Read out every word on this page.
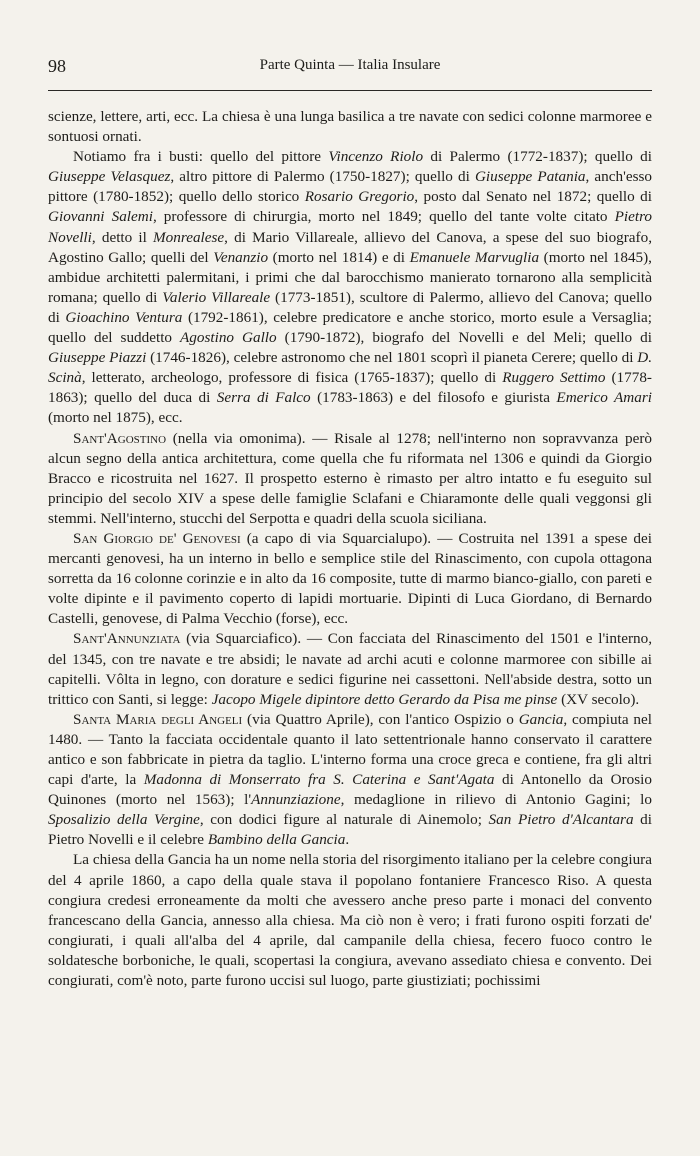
98	Parte Quinta — Italia Insulare

scienze, lettere, arti, ecc. La chiesa è una lunga basilica a tre navate con sedici colonne marmoree e sontuosi ornati.

Notiamo fra i busti: quello del pittore Vincenzo Riolo di Palermo (1772-1837); quello di Giuseppe Velasquez, altro pittore di Palermo (1750-1827); quello di Giuseppe Patania, anch'esso pittore (1780-1852); quello dello storico Rosario Gregorio, posto dal Senato nel 1872; quello di Giovanni Salemi, professore di chirurgia, morto nel 1849; quello del tante volte citato Pietro Novelli, detto il Monrealese, di Mario Villareale, allievo del Canova, a spese del suo biografo, Agostino Gallo; quelli del Venanzio (morto nel 1814) e di Emanuele Marvuglia (morto nel 1845), ambidue architetti palermitani, i primi che dal barocchismo manierato tornarono alla semplicità romana; quello di Valerio Villareale (1773-1851), scultore di Palermo, allievo del Canova; quello di Gioachino Ventura (1792-1861), celebre predicatore e anche storico, morto esule a Versaglia; quello del suddetto Agostino Gallo (1790-1872), biografo del Novelli e del Meli; quello di Giuseppe Piazzi (1746-1826), celebre astronomo che nel 1801 scoprì il pianeta Cerere; quello di D. Scinà, letterato, archeologo, professore di fisica (1765-1837); quello di Ruggero Settimo (1778-1863); quello del duca di Serra di Falco (1783-1863) e del filosofo e giurista Emerico Amari (morto nel 1875), ecc.

Sant'Agostino (nella via omonima). — Risale al 1278; nell'interno non sopravvanza però alcun segno della antica architettura, come quella che fu riformata nel 1306 e quindi da Giorgio Bracco e ricostruita nel 1627. Il prospetto esterno è rimasto per altro intatto e fu eseguito sul principio del secolo XIV a spese delle famiglie Sclafani e Chiaramonte delle quali veggonsi gli stemmi. Nell'interno, stucchi del Serpotta e quadri della scuola siciliana.

San Giorgio de' Genovesi (a capo di via Squarcialupo). — Costruita nel 1391 a spese dei mercanti genovesi, ha un interno in bello e semplice stile del Rinascimento, con cupola ottagona sorretta da 16 colonne corinzie e in alto da 16 composite, tutte di marmo bianco-giallo, con pareti e volte dipinte e il pavimento coperto di lapidi mortuarie. Dipinti di Luca Giordano, di Bernardo Castelli, genovese, di Palma Vecchio (forse), ecc.

Sant'Annunziata (via Squarciafico). — Con facciata del Rinascimento del 1501 e l'interno, del 1345, con tre navate e tre absidi; le navate ad archi acuti e colonne marmoree con sibille ai capitelli. Vôlta in legno, con dorature e sedici figurine nei cassettoni. Nell'abside destra, sotto un trittico con Santi, si legge: Jacopo Migele dipintore detto Gerardo da Pisa me pinse (XV secolo).

Santa Maria degli Angeli (via Quattro Aprile), con l'antico Ospizio o Gancia, compiuta nel 1480. — Tanto la facciata occidentale quanto il lato settentrionale hanno conservato il carattere antico e son fabbricate in pietra da taglio. L'interno forma una croce greca e contiene, fra gli altri capi d'arte, la Madonna di Monserrato fra S. Caterina e Sant'Agata di Antonello da Orosio Quinones (morto nel 1563); l'Annunziazione, medaglione in rilievo di Antonio Gagini; lo Sposalizio della Vergine, con dodici figure al naturale di Ainemolo; San Pietro d'Alcantara di Pietro Novelli e il celebre Bambino della Gancia.

La chiesa della Gancia ha un nome nella storia del risorgimento italiano per la celebre congiura del 4 aprile 1860, a capo della quale stava il popolano fontaniere Francesco Riso. A questa congiura credesi erroneamente da molti che avessero anche preso parte i monaci del convento francescano della Gancia, annesso alla chiesa. Ma ciò non è vero; i frati furono ospiti forzati de' congiurati, i quali all'alba del 4 aprile, dal campanile della chiesa, fecero fuoco contro le soldatesche borboniche, le quali, scopertasi la congiura, avevano assediato chiesa e convento. Dei congiurati, com'è noto, parte furono uccisi sul luogo, parte giustiziati; pochissimi
